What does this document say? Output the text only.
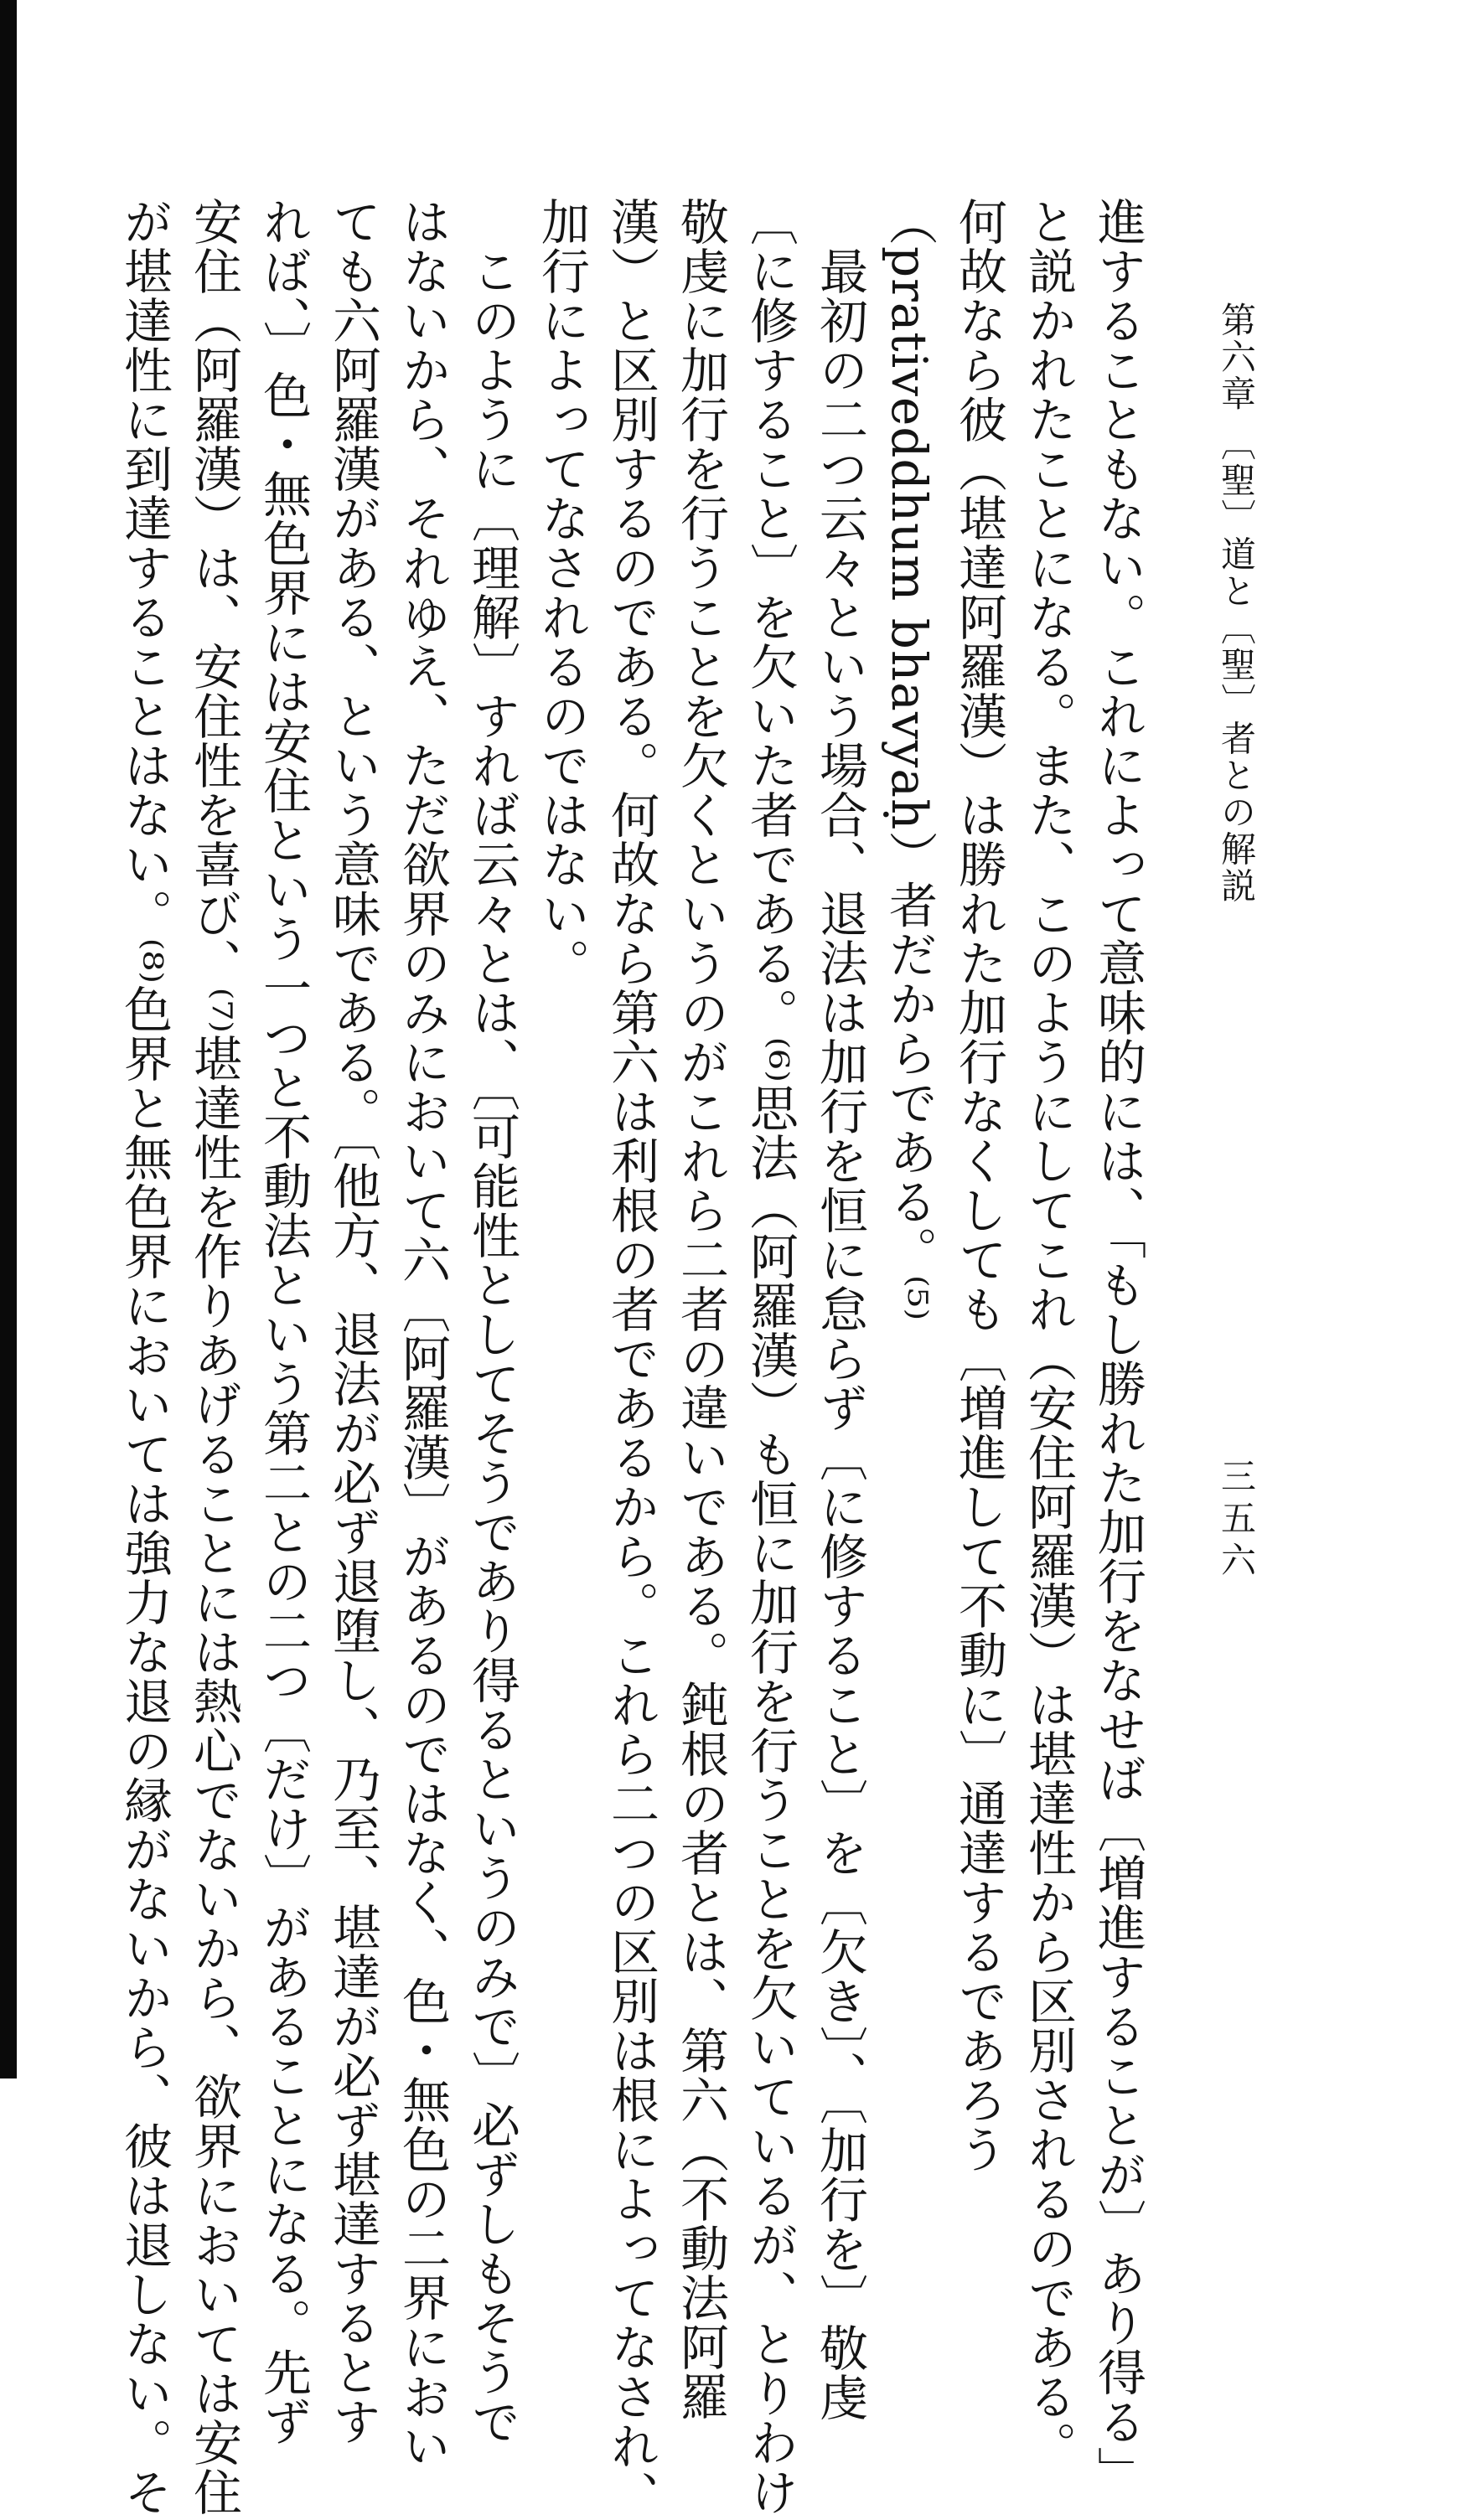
第六章 〔聖〕道と〔聖〕者との解説
三五六
進することもない。これによって意味的には、「もし勝れた加行をなせば〔増進することが〕あり得る」
と説かれたことになる。また、このようにしてこれ（安住阿羅漢）は堪達性から区別されるのである。
何故なら彼（堪達阿羅漢）は勝れた加行なくしても〔増進して不動に〕通達するであろう
（prativeddhum bhavyaḥ）者だからである。⁽⁵⁾
　最初の二つ云々という場合、退法は加行を恒に怠らず〔に修すること〕を〔欠き〕、〔加行を〕敬虔
〔に修すること〕を欠いた者である。⁽⁶⁾思法（阿羅漢）も恒に加行を行うことを欠いているが、とりわけ
敬虔に加行を行うことを欠くというのがこれら二者の違いである。鈍根の者とは、第六（不動法阿羅
漢）と区別するのである。何故なら第六は利根の者であるから。これら二つの区別は根によってなされ、
加行によってなされるのではない。
　このように〔理解〕すれば云々とは、〔可能性としてそうであり得るというのみで〕必ずしもそうで
はないから、それゆえ、ただ欲界のみにおいて六〔阿羅漢〕があるのではなく、色・無色の二界におい
ても六阿羅漢がある、という意味である。〔他方、退法が必ず退堕し、乃至、堪達が必ず堪達するとす
れば、〕色・無色界には安住という一つと不動法という第二との二つ〔だけ〕があることになる。先ず
安住（阿羅漢）は、安住性を喜び、⁽⁷⁾堪達性を作りあげることには熱心でないから、欲界においては安住
が堪達性に到達することはない。⁽⁸⁾色界と無色界においては強力な退の縁がないから、彼は退しない。そ
